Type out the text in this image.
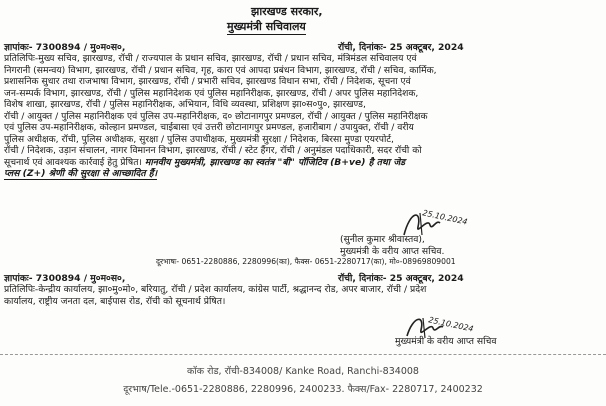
झारखण्ड सरकार,
मुख्यमंत्री सचिवालय
ज्ञापांकः- 7300894 / मु०म०स०,	रॉची, दिनांकः- 25 अक्टूबर, 2024
प्रतिलिपिः-मुख्य सचिव, झारखण्ड, रॉची / राज्यपाल के प्रधान सचिव, झारखण्ड, रॉची / प्रधान सचिव, मंत्रिमंडल सचिवालय एवं
निगरानी (समन्वय) विभाग, झारखण्ड, रॉची / प्रधान सचिव, गृह, कारा एवं आपदा प्रबंधन विभाग, झारखण्ड, रॉची / सचिव, कार्मिक,
प्रशासनिक सुधार तथा राजभाषा विभाग, झारखण्ड, रॉची / प्रभारी सचिव, झारखण्ड विधान सभा, रॉची / निदेशक, सूचना एवं
जन-सम्पर्क विभाग, झारखण्ड, रॉची / पुलिस महानिदेशक एवं पुलिस महानिरीक्षक, झारखण्ड, रॉची / अपर पुलिस महानिदेशक,
विशेष शाखा, झारखण्ड, रॉची / पुलिस महानिरीक्षक, अभियान, विधि व्यवस्था, प्रशिक्षण झा०स०पु०, झारखण्ड,
रॉची / आयुक्त / पुलिस महानिरीक्षक एवं पुलिस उप-महानिरीक्षक, द० छोटानागपुर प्रमण्डल, रॉची / आयुक्त / पुलिस महानिरीक्षक
एवं पुलिस उप-महानिरीक्षक, कोल्हान प्रमण्डल, चाईबासा एवं उत्तरी छोटानागपुर प्रमण्डल, हजारीबाग / उपायुक्त, रॉची / वरीय
पुलिस अधीक्षक, रॉची, पुलिस अधीक्षक, सुरक्षा / पुलिस उपाधीक्षक, मुख्यमंत्री सुरक्षा / निदेशक, बिरसा मुण्डा एयरपोर्ट,
रॉची / निदेशक, उड़ान संचालन, नागर विमानन विभाग, झारखण्ड, रॉची / स्टेट हैंगर, रॉची / अनुमंडल पदाधिकारी, सदर रॉची को
सूचनार्थ एवं आवश्यक कार्रवाई हेतु प्रेषित। मानवीय मुख्यमंत्री, झारखण्ड का स्वतंत्र "बी" पॉजिटिव (B+ve) है तथा जेड
प्लस (Z+) श्रेणी की सुरक्षा से आच्छादित हैं।
25.10.2024
(सुनील कुमार श्रीवास्तव),
मुख्यमंत्री के वरीय आप्त सचिव.
दूरभाषः- 0651-2280886, 2280996(का), फैक्स- 0651-2280717(का), मो०-08969809001
ज्ञापांकः- 7300894 / मु०म०स०,	रॉची, दिनांकः- 25 अक्टूबर, 2024
प्रतिलिपिः-केन्द्रीय कार्यालय, झा०मु०मो०, बरियातु, रॉची / प्रदेश कार्यालय, कांग्रेस पार्टी, श्रद्धानन्द रोड, अपर बाजार, रॉची / प्रदेश
कार्यालय, राष्ट्रीय जनता दल, बाईपास रोड, रॉची को सूचनार्थ प्रेषित।
25.10.2024
मुख्यमंत्री के वरीय आप्त सचिव
कॉक रोड, रॉची-834008/ Kanke Road, Ranchi-834008
दूरभाष/Tele.-0651-2280886, 2280996, 2400233. फैक्स/Fax- 2280717, 2400232
